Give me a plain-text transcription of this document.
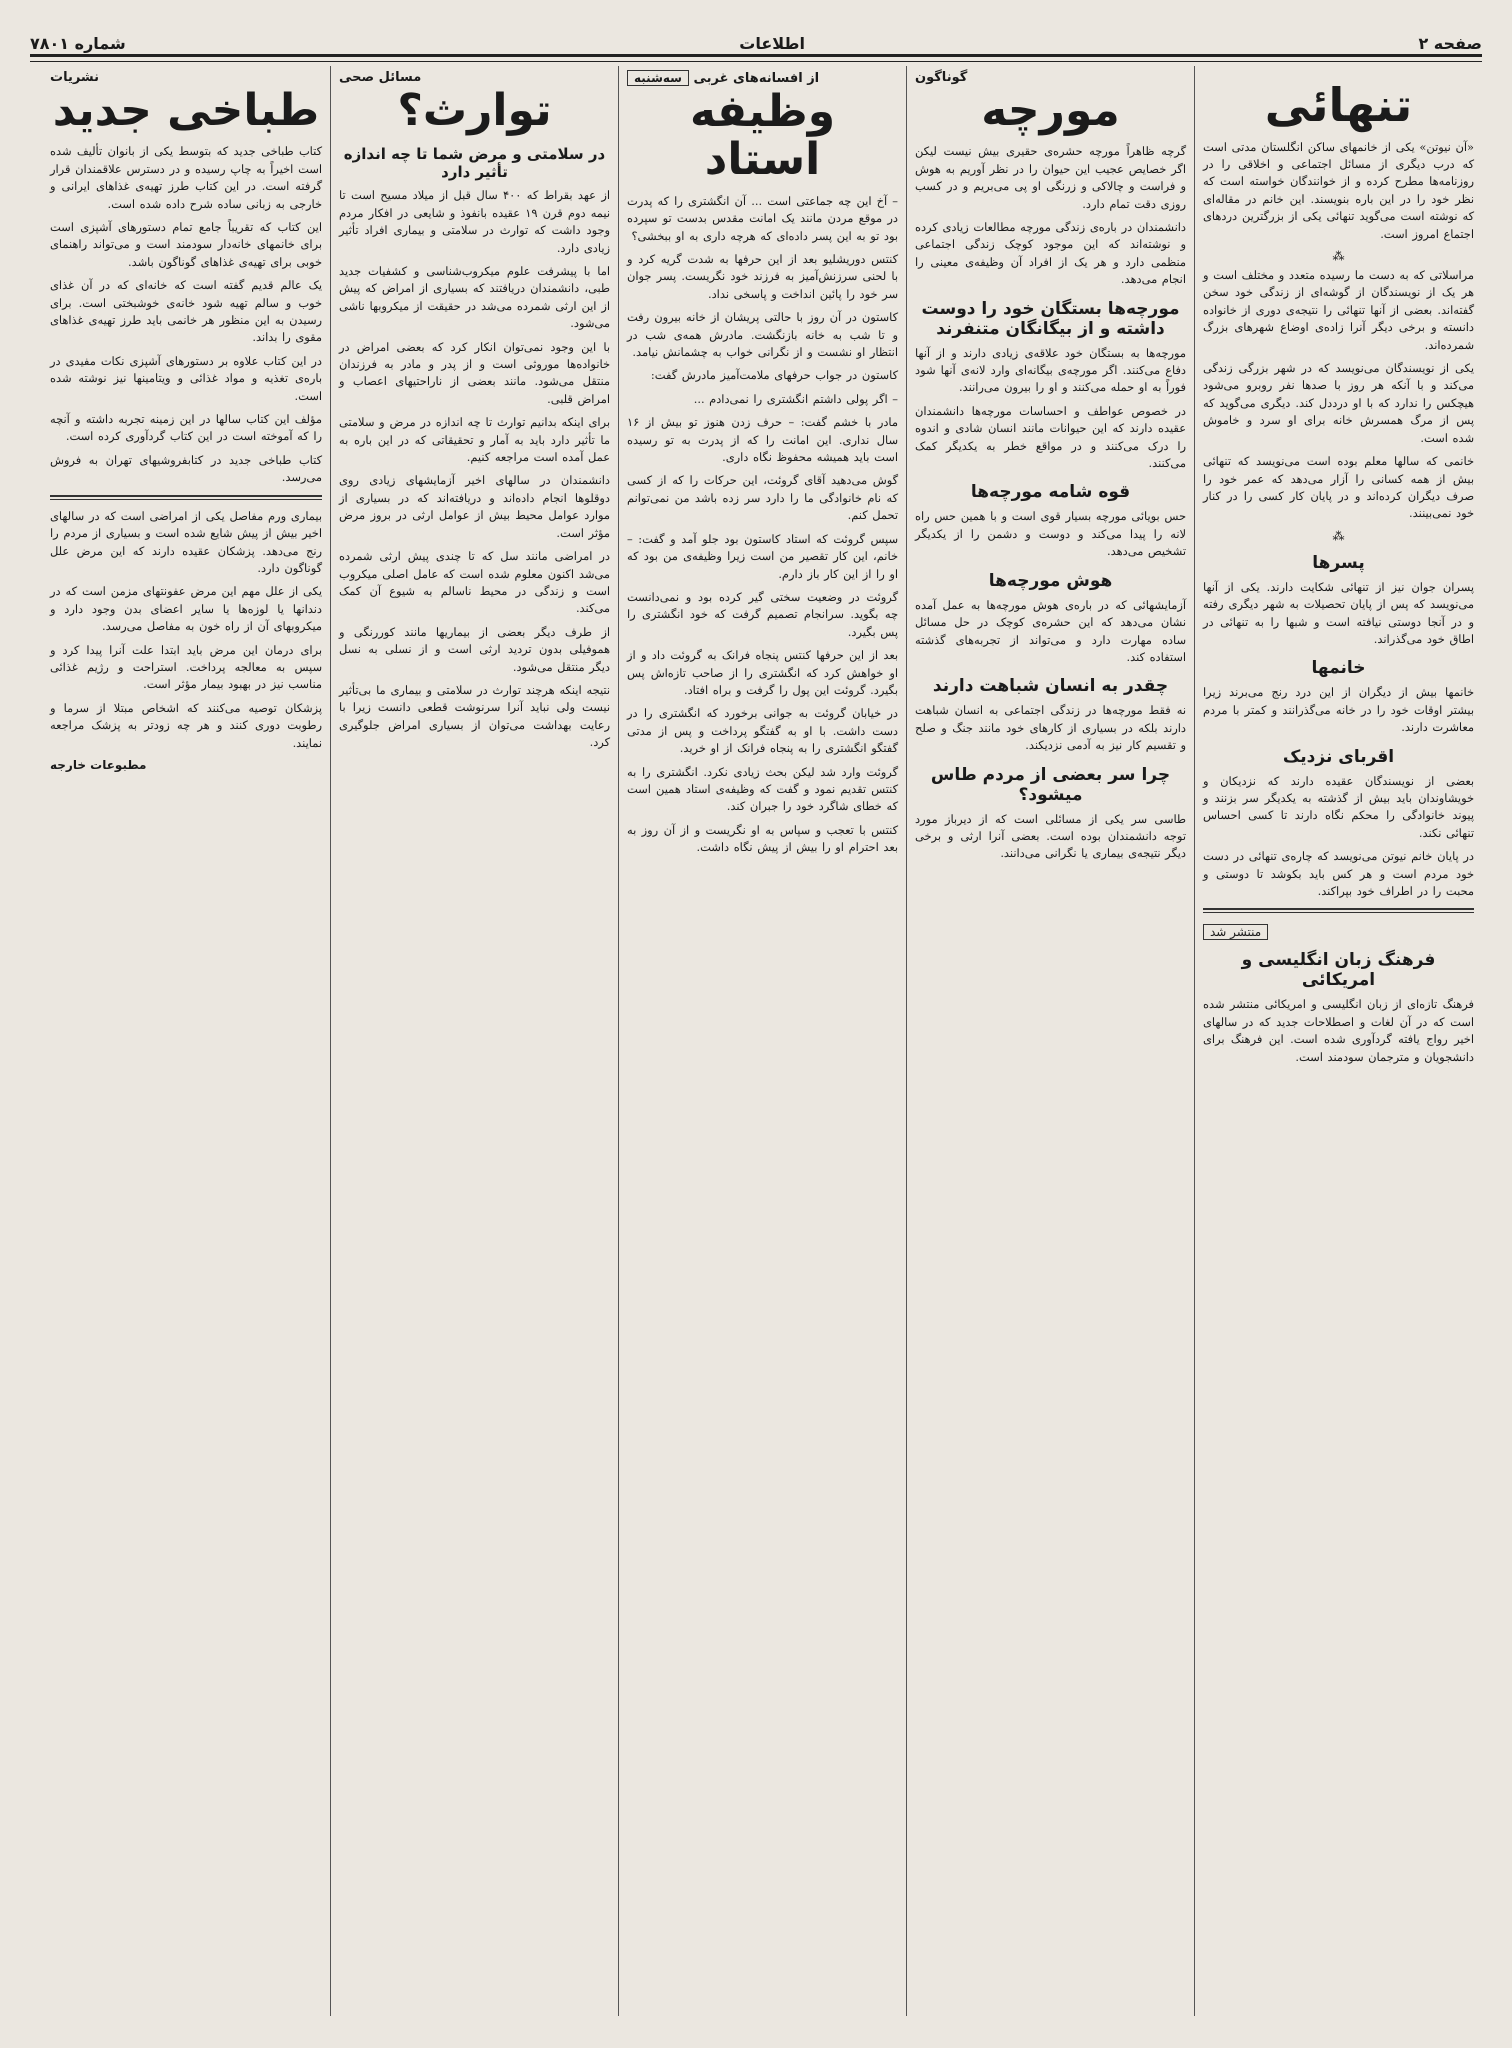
صفحه ۲
اطلاعات
شماره ۷۸۰۱
تنهائی

«آن نیوتن» یکی از خانمهای ساکن انگلستان مدتی است که درب دیگری از مسائل اجتماعی و اخلاقی را در روزنامه‌ها مطرح کرده و از خوانندگان خواسته است که نظر خود را در این باره بنویسند. این خانم در مقاله‌ای که نوشته است می‌گوید تنهائی یکی از بزرگترین دردهای اجتماع امروز است.

⁂

مراسلاتی که به دست ما رسیده متعدد و مختلف است و هر یک از نویسندگان از گوشه‌ای از زندگی خود سخن گفته‌اند. بعضی از آنها تنهائی را نتیجه‌ی دوری از خانواده دانسته و برخی دیگر آنرا زاده‌ی اوضاع شهرهای بزرگ شمرده‌اند.

یکی از نویسندگان می‌نویسد که در شهر بزرگی زندگی می‌کند و با آنکه هر روز با صدها نفر روبرو می‌شود هیچکس را ندارد که با او درددل کند. دیگری می‌گوید که پس از مرگ همسرش خانه برای او سرد و خاموش شده است.

خانمی که سالها معلم بوده است می‌نویسد که تنهائی بیش از همه کسانی را آزار می‌دهد که عمر خود را صرف دیگران کرده‌اند و در پایان کار کسی را در کنار خود نمی‌بینند.

⁂
پسرها

پسران جوان نیز از تنهائی شکایت دارند. یکی از آنها می‌نویسد که پس از پایان تحصیلات به شهر دیگری رفته و در آنجا دوستی نیافته است و شبها را به تنهائی در اطاق خود می‌گذراند.

خانمها

خانمها بیش از دیگران از این درد رنج می‌برند زیرا بیشتر اوقات خود را در خانه می‌گذرانند و کمتر با مردم معاشرت دارند.

اقربای نزدیک

بعضی از نویسندگان عقیده دارند که نزدیکان و خویشاوندان باید بیش از گذشته به یکدیگر سر بزنند و پیوند خانوادگی را محکم نگاه دارند تا کسی احساس تنهائی نکند.

در پایان خانم نیوتن می‌نویسد که چاره‌ی تنهائی در دست خود مردم است و هر کس باید بکوشد تا دوستی و محبت را در اطراف خود بپراکند.

منتشر شد
فرهنگ زبان انگلیسی و امریکائی

فرهنگ تازه‌ای از زبان انگلیسی و امریکائی منتشر شده است که در آن لغات و اصطلاحات جدید که در سالهای اخیر رواج یافته گردآوری شده است. این فرهنگ برای دانشجویان و مترجمان سودمند است.

گوناگون
مورچه

گرچه ظاهراً مورچه حشره‌ی حقیری بیش نیست لیکن اگر خصایص عجیب این حیوان را در نظر آوریم به هوش و فراست و چالاکی و زرنگی او پی می‌بریم و در کسب روزی دقت تمام دارد.

دانشمندان در باره‌ی زندگی مورچه مطالعات زیادی کرده و نوشته‌اند که این موجود کوچک زندگی اجتماعی منظمی دارد و هر یک از افراد آن وظیفه‌ی معینی را انجام می‌دهد.

مورچه‌ها بستگان خود را دوست داشته و از بیگانگان متنفرند

مورچه‌ها به بستگان خود علاقه‌ی زیادی دارند و از آنها دفاع می‌کنند. اگر مورچه‌ی بیگانه‌ای وارد لانه‌ی آنها شود فوراً به او حمله می‌کنند و او را بیرون می‌رانند.

در خصوص عواطف و احساسات مورچه‌ها دانشمندان عقیده دارند که این حیوانات مانند انسان شادی و اندوه را درک می‌کنند و در مواقع خطر به یکدیگر کمک می‌کنند.

قوه شامه مورچه‌ها

حس بویائی مورچه بسیار قوی است و با همین حس راه لانه را پیدا می‌کند و دوست و دشمن را از یکدیگر تشخیص می‌دهد.

هوش مورچه‌ها

آزمایشهائی که در باره‌ی هوش مورچه‌ها به عمل آمده نشان می‌دهد که این حشره‌ی کوچک در حل مسائل ساده مهارت دارد و می‌تواند از تجربه‌های گذشته استفاده کند.

چقدر به انسان شباهت دارند

نه فقط مورچه‌ها در زندگی اجتماعی به انسان شباهت دارند بلکه در بسیاری از کارهای خود مانند جنگ و صلح و تقسیم کار نیز به آدمی نزدیکند.

چرا سر بعضی از مردم طاس میشود؟

طاسی سر یکی از مسائلی است که از دیرباز مورد توجه دانشمندان بوده است. بعضی آنرا ارثی و برخی دیگر نتیجه‌ی بیماری یا نگرانی می‌دانند.

از افسانه‌های غربی سه‌شنبه
وظیفه استاد

– آخ این چه جماعتی است ... آن انگشتری را که پدرت در موقع مردن مانند یک امانت مقدس بدست تو سپرده بود تو به این پسر داده‌ای که هرچه داری به او ببخشی؟

کنتس دوریشلیو بعد از این حرفها به شدت گریه کرد و با لحنی سرزنش‌آمیز به فرزند خود نگریست. پسر جوان سر خود را پائین انداخت و پاسخی نداد.

کاستون در آن روز با حالتی پریشان از خانه بیرون رفت و تا شب به خانه بازنگشت. مادرش همه‌ی شب در انتظار او نشست و از نگرانی خواب به چشمانش نیامد.

کاستون در جواب حرفهای ملامت‌آمیز مادرش گفت:

– اگر پولی داشتم انگشتری را نمی‌دادم ...

مادر با خشم گفت: – حرف زدن هنوز تو بیش از ۱۶ سال نداری. این امانت را که از پدرت به تو رسیده است باید همیشه محفوظ نگاه داری.

گوش می‌دهید آقای گروئت، این حرکات را که از کسی که نام خانوادگی ما را دارد سر زده باشد من نمی‌توانم تحمل کنم.

سپس گروئت که استاد کاستون بود جلو آمد و گفت: – خانم، این کار تقصیر من است زیرا وظیفه‌ی من بود که او را از این کار باز دارم.

گروئت در وضعیت سختی گیر کرده بود و نمی‌دانست چه بگوید. سرانجام تصمیم گرفت که خود انگشتری را پس بگیرد.

بعد از این حرفها کنتس پنجاه فرانک به گروئت داد و از او خواهش کرد که انگشتری را از صاحب تازه‌اش پس بگیرد. گروئت این پول را گرفت و براه افتاد.

در خیابان گروئت به جوانی برخورد که انگشتری را در دست داشت. با او به گفتگو پرداخت و پس از مدتی گفتگو انگشتری را به پنجاه فرانک از او خرید.

گروئت وارد شد لیکن بحث زیادی نکرد. انگشتری را به کنتس تقدیم نمود و گفت که وظیفه‌ی استاد همین است که خطای شاگرد خود را جبران کند.

کنتس با تعجب و سپاس به او نگریست و از آن روز به بعد احترام او را بیش از پیش نگاه داشت.

مسائل صحی
توارث؟
در سلامتی و مرض شما تا چه اندازه تأثیر دارد

از عهد بقراط که ۴۰۰ سال قبل از میلاد مسیح است تا نیمه دوم قرن ۱۹ عقیده بانفوذ و شایعی در افکار مردم وجود داشت که توارث در سلامتی و بیماری افراد تأثیر زیادی دارد.

اما با پیشرفت علوم میکروب‌شناسی و کشفیات جدید طبی، دانشمندان دریافتند که بسیاری از امراض که پیش از این ارثی شمرده می‌شد در حقیقت از میکروبها ناشی می‌شود.

با این وجود نمی‌توان انکار کرد که بعضی امراض در خانواده‌ها موروثی است و از پدر و مادر به فرزندان منتقل می‌شود. مانند بعضی از ناراحتیهای اعصاب و امراض قلبی.

برای اینکه بدانیم توارث تا چه اندازه در مرض و سلامتی ما تأثیر دارد باید به آمار و تحقیقاتی که در این باره به عمل آمده است مراجعه کنیم.

دانشمندان در سالهای اخیر آزمایشهای زیادی روی دوقلوها انجام داده‌اند و دریافته‌اند که در بسیاری از موارد عوامل محیط بیش از عوامل ارثی در بروز مرض مؤثر است.

در امراضی مانند سل که تا چندی پیش ارثی شمرده می‌شد اکنون معلوم شده است که عامل اصلی میکروب است و زندگی در محیط ناسالم به شیوع آن کمک می‌کند.

از طرف دیگر بعضی از بیماریها مانند کوررنگی و هموفیلی بدون تردید ارثی است و از نسلی به نسل دیگر منتقل می‌شود.

نتیجه اینکه هرچند توارث در سلامتی و بیماری ما بی‌تأثیر نیست ولی نباید آنرا سرنوشت قطعی دانست زیرا با رعایت بهداشت می‌توان از بسیاری امراض جلوگیری کرد.

نشریات
طباخی جدید

کتاب طباخی جدید که بتوسط یکی از بانوان تألیف شده است اخیراً به چاپ رسیده و در دسترس علاقمندان قرار گرفته است. در این کتاب طرز تهیه‌ی غذاهای ایرانی و خارجی به زبانی ساده شرح داده شده است.

این کتاب که تقریباً جامع تمام دستورهای آشپزی است برای خانمهای خانه‌دار سودمند است و می‌تواند راهنمای خوبی برای تهیه‌ی غذاهای گوناگون باشد.

یک عالم قدیم گفته است که خانه‌ای که در آن غذای خوب و سالم تهیه شود خانه‌ی خوشبختی است. برای رسیدن به این منظور هر خانمی باید طرز تهیه‌ی غذاهای مقوی را بداند.

در این کتاب علاوه بر دستورهای آشپزی نکات مفیدی در باره‌ی تغذیه و مواد غذائی و ویتامینها نیز نوشته شده است.

مؤلف این کتاب سالها در این زمینه تجربه داشته و آنچه را که آموخته است در این کتاب گردآوری کرده است.

کتاب طباخی جدید در کتابفروشیهای تهران به فروش می‌رسد.

بیماری ورم مفاصل یکی از امراضی است که در سالهای اخیر بیش از پیش شایع شده است و بسیاری از مردم را رنج می‌دهد. پزشکان عقیده دارند که این مرض علل گوناگون دارد.

یکی از علل مهم این مرض عفونتهای مزمن است که در دندانها یا لوزه‌ها یا سایر اعضای بدن وجود دارد و میکروبهای آن از راه خون به مفاصل می‌رسد.

برای درمان این مرض باید ابتدا علت آنرا پیدا کرد و سپس به معالجه پرداخت. استراحت و رژیم غذائی مناسب نیز در بهبود بیمار مؤثر است.

پزشکان توصیه می‌کنند که اشخاص مبتلا از سرما و رطوبت دوری کنند و هر چه زودتر به پزشک مراجعه نمایند.

مطبوعات خارجه
